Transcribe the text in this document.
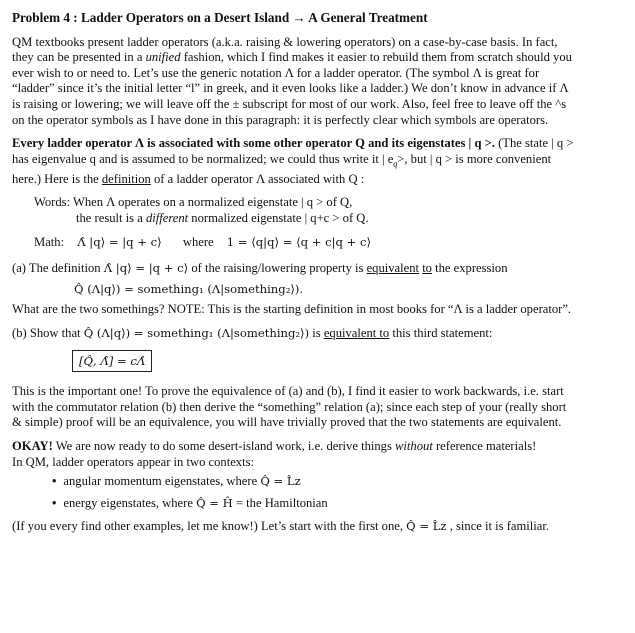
Problem 4 : Ladder Operators on a Desert Island → A General Treatment
QM textbooks present ladder operators (a.k.a. raising & lowering operators) on a case-by-case basis. In fact,
they can be presented in a unified fashion, which I find makes it easier to rebuild them from scratch should you
ever wish to or need to. Let’s use the generic notation Λ for a ladder operator. (The symbol Λ is great for
“ladder” since it’s the initial letter “l” in greek, and it even looks like a ladder.) We don’t know in advance if Λ
is raising or lowering; we will leave off the ± subscript for most of our work. Also, feel free to leave off the ^s
on the operator symbols as I have done in this paragraph: it is perfectly clear which symbols are operators.
Every ladder operator Λ is associated with some other operator Q and its eigenstates | q >. (The state | q >
has eigenvalue q and is assumed to be normalized; we could thus write it | $e_q>$, but | q > is more convenient
here.) Here is the definition of a ladder operator Λ associated with Q :
Words: When Λ operates on a normalized eigenstate | q > of Q,
the result is a different normalized eigenstate | q+c > of Q.
Math: Λ̂ |q⟩ = |q + c⟩ where 1 = ⟨q|q⟩ = ⟨q + c|q + c⟩
(a) The definition Λ̂ |q⟩ = |q + c⟩ of the raising/lowering property is equivalent to the expression
Q̂ (Λ|q⟩) = something₁ (Λ|something₂⟩).
What are the two somethings? NOTE: This is the starting definition in most books for “Λ is a ladder operator”.
(b) Show that Q̂ (Λ|q⟩) = something₁ (Λ|something₂⟩) is equivalent to this third statement:
[Q̂, Λ̂] = cΛ̂
This is the important one! To prove the equivalence of (a) and (b), I find it easier to work backwards, i.e. start
with the commutator relation (b) then derive the “something” relation (a); since each step of your (really short
& simple) proof will be an equivalence, you will have trivially proved that the two statements are equivalent.
OKAY! We are now ready to do some desert-island work, i.e. derive things without reference materials!
In QM, ladder operators appear in two contexts:
• angular momentum eigenstates, where Q̂ = L̂z
• energy eigenstates, where Q̂ = Ĥ = the Hamiltonian
(If you every find other examples, let me know!) Let’s start with the first one, Q̂ = L̂z , since it is familiar.
